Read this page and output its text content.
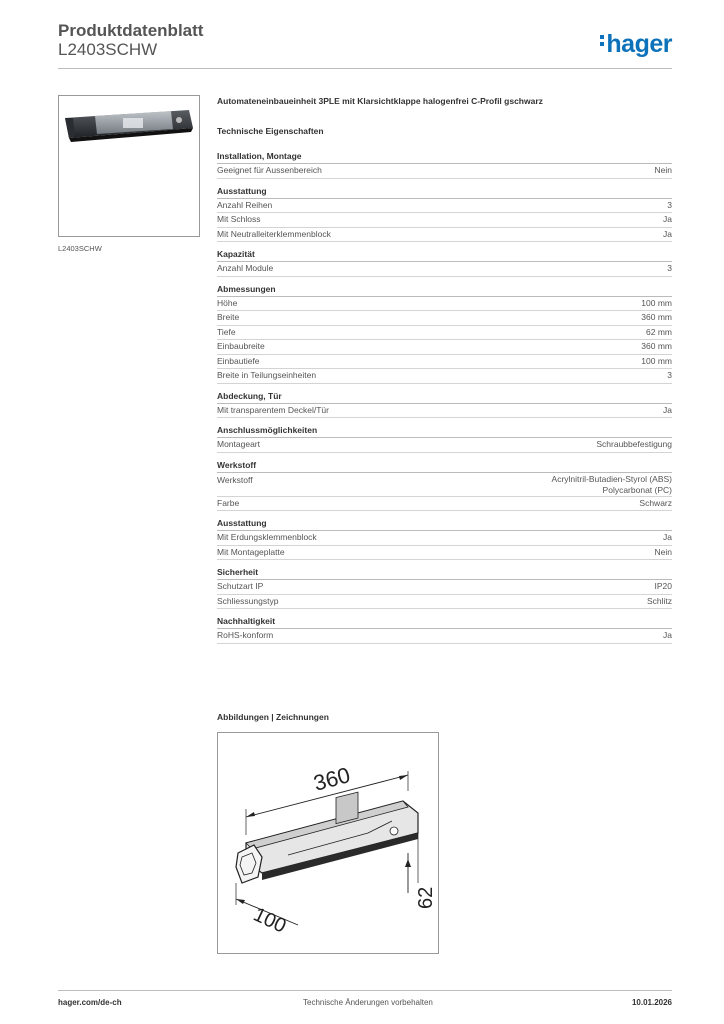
Produktdatenblatt
L2403SCHW	hager
L2403SCHW
Automateneinbaueinheit 3PLE mit Klarsichtklappe halogenfrei C-Profil gschwarz
Technische Eigenschaften
Installation, Montage
Geeignet für Aussenbereich	Nein
Ausstattung
Anzahl Reihen	3
Mit Schloss	Ja
Mit Neutralleiterklemmenblock	Ja
Kapazität
Anzahl Module	3
Abmessungen
Höhe	100 mm
Breite	360 mm
Tiefe	62 mm
Einbaubreite	360 mm
Einbautiefe	100 mm
Breite in Teilungseinheiten	3
Abdeckung, Tür
Mit transparentem Deckel/Tür	Ja
Anschlussmöglichkeiten
Montageart	Schraubbefestigung
Werkstoff
Werkstoff	Acrylnitril-Butadien-Styrol (ABS)
Polycarbonat (PC)
Farbe	Schwarz
Ausstattung
Mit Erdungsklemmenblock	Ja
Mit Montageplatte	Nein
Sicherheit
Schutzart IP	IP20
Schliessungstyp	Schlitz
Nachhaltigkeit
RoHS-konform	Ja
Abbildungen | Zeichnungen
360
62
100
hager.com/de-ch	Technische Änderungen vorbehalten	10.01.2026
